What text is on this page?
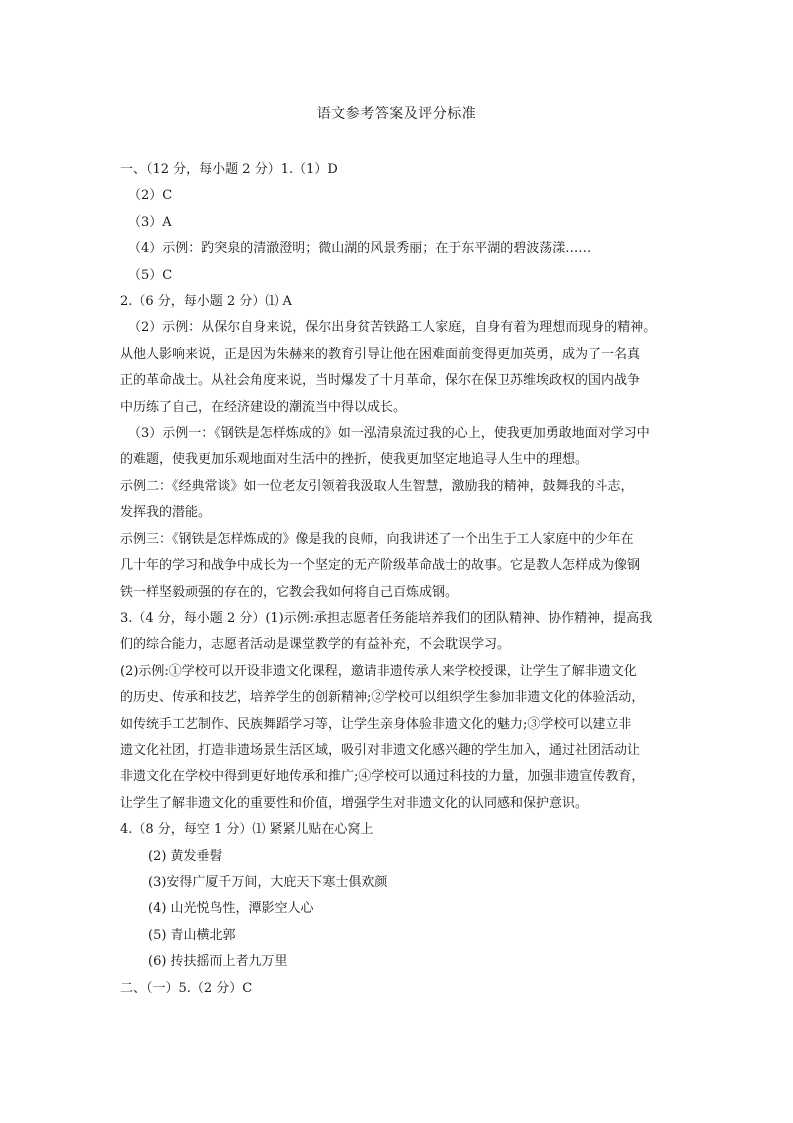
语文参考答案及评分标准

一、（12 分，每小题 2 分）1.（1）D

（2）C

（3）A

（4）示例：趵突泉的清澈澄明；微山湖的风景秀丽；在于东平湖的碧波荡漾……

（5）C

2.（6 分，每小题 2 分）⑴ A

（2）示例：从保尔自身来说，保尔出身贫苦铁路工人家庭，自身有着为理想而现身的精神。

从他人影响来说，正是因为朱赫来的教育引导让他在困难面前变得更加英勇，成为了一名真

正的革命战士。从社会角度来说，当时爆发了十月革命，保尔在保卫苏维埃政权的国内战争

中历练了自己，在经济建设的潮流当中得以成长。

（3）示例一：《钢铁是怎样炼成的》如一泓清泉流过我的心上，使我更加勇敢地面对学习中

的难题，使我更加乐观地面对生活中的挫折，使我更加坚定地追寻人生中的理想。

示例二：《经典常谈》如一位老友引领着我汲取人生智慧，激励我的精神，鼓舞我的斗志，

发挥我的潜能。

示例三：《钢铁是怎样炼成的》像是我的良师，向我讲述了一个出生于工人家庭中的少年在

几十年的学习和战争中成长为一个坚定的无产阶级革命战士的故事。它是教人怎样成为像钢

铁一样坚毅顽强的存在的，它教会我如何将自己百炼成钢。

3.（4 分，每小题 2 分）(1)示例:承担志愿者任务能培养我们的团队精神、协作精神，提高我

们的综合能力，志愿者活动是课堂教学的有益补充，不会耽误学习。

(2)示例:①学校可以开设非遗文化课程，邀请非遗传承人来学校授课，让学生了解非遗文化

的历史、传承和技艺，培养学生的创新精神;②学校可以组织学生参加非遗文化的体验活动，

如传统手工艺制作、民族舞蹈学习等，让学生亲身体验非遗文化的魅力;③学校可以建立非

遗文化社团，打造非遗场景生活区域，吸引对非遗文化感兴趣的学生加入，通过社团活动让

非遗文化在学校中得到更好地传承和推广;④学校可以通过科技的力量，加强非遗宣传教育，

让学生了解非遗文化的重要性和价值，增强学生对非遗文化的认同感和保护意识。

4.（8 分，每空 1 分）⑴ 紧紧儿贴在心窝上

(2) 黄发垂髫

(3)安得广厦千万间，大庇天下寒士俱欢颜

(4) 山光悦鸟性，潭影空人心

(5) 青山横北郭

(6) 抟扶摇而上者九万里

二、（一）5.（2 分）C
